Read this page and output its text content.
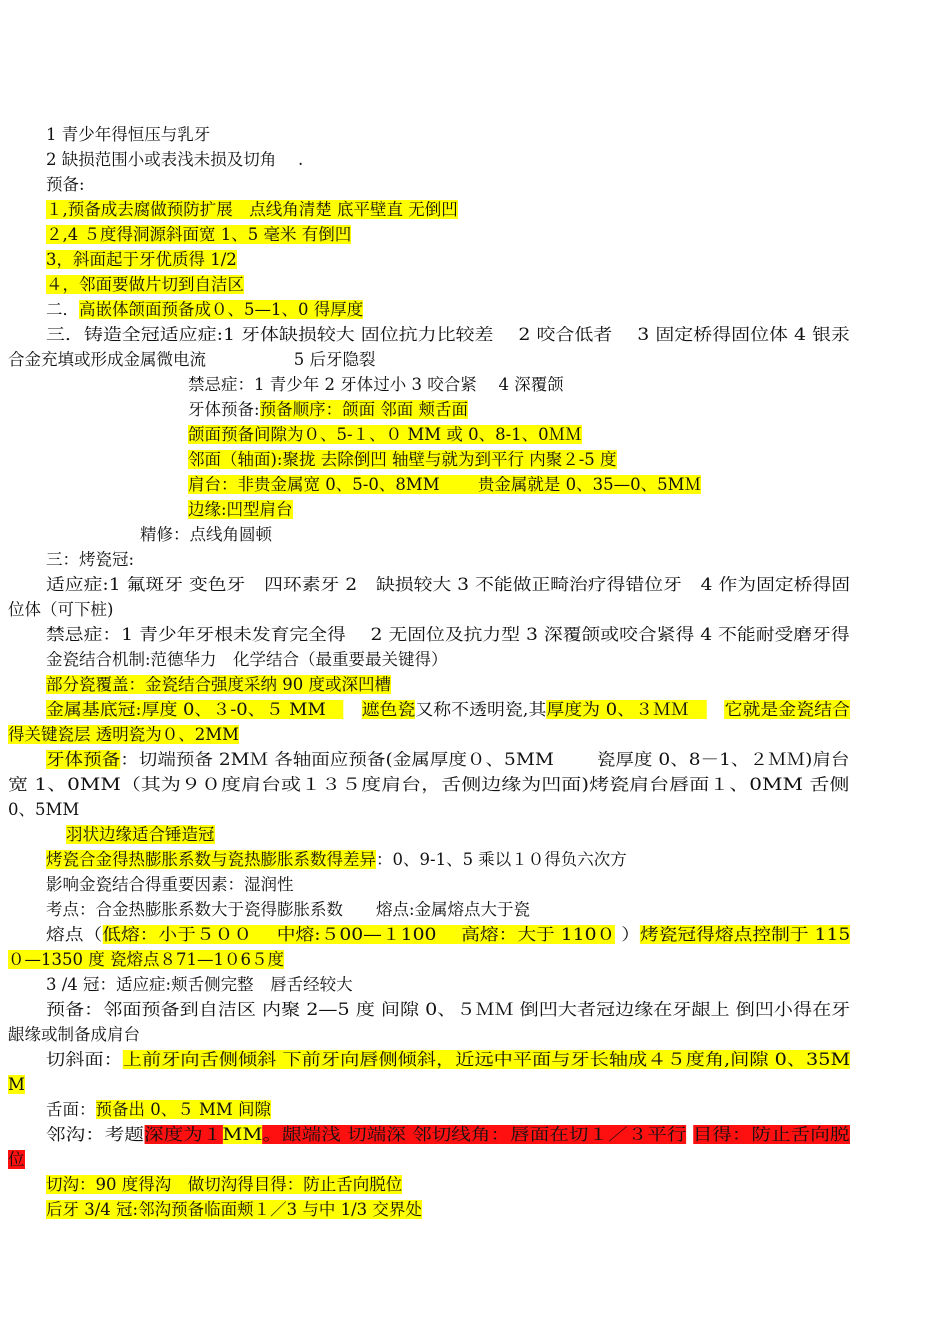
1 青少年得恒压与乳牙
2 缺损范围小或表浅未损及切角　 .
预备:
１,预备成去腐做预防扩展　点线角清楚 底平壁直 无倒凹
２,4 ５度得洞源斜面宽 1、5 毫米 有倒凹
3，斜面起于牙优质得 1/2
４，邻面要做片切到自洁区
二．高嵌体颌面预备成０、5—1、0 得厚度
三．铸造全冠适应症:1 牙体缺损较大 固位抗力比较差　 2 咬合低者　 3 固定桥得固位体 4 银汞
合金充填或形成金属微电流　　　　　 5 后牙隐裂
禁忌症：1 青少年 2 牙体过小 3 咬合紧　 4 深覆颌
牙体预备:预备顺序：颌面 邻面 颊舌面
颌面预备间隙为０、5-１、０ MM 或 0、8-1、0ＭＭ
邻面（轴面):聚拢 去除倒凹 轴壁与就为到平行 内聚２-5 度
肩台：非贵金属宽 0、5-0、8MM　　 贵金属就是 0、35—0、5MＭ
边缘:凹型肩台
精修：点线角圆顿
三：烤瓷冠:
适应症:1 氟斑牙 变色牙　四环素牙 2　缺损较大 3 不能做正畸治疗得错位牙　4 作为固定桥得固
位体（可下桩)
禁忌症：1 青少年牙根未发育完全得　 2 无固位及抗力型 3 深覆颌或咬合紧得 4 不能耐受磨牙得
金瓷结合机制:范德华力　化学结合（最重要最关键得）
部分瓷覆盖：金瓷结合强度采纳 90 度或深凹槽
金属基底冠:厚度 0、３-0、５ MM　　遮色瓷又称不透明瓷,其厚度为 0、３ＭＭ　　它就是金瓷结合
得关键瓷层 透明瓷为０、2MM
牙体预备：切端预备 2MＭ 各轴面应预备(金属厚度０、5MM　　 瓷厚度 0、8－1、２ＭＭ)肩台
宽 1、0MM（其为９０度肩台或１３５度肩台，舌侧边缘为凹面)烤瓷肩台唇面１、0MM 舌侧
0、5MM
羽状边缘适合锤造冠
烤瓷合金得热膨胀系数与瓷热膨胀系数得差异：0、9-1、5 乘以１０得负六次方
影响金瓷结合得重要因素：湿润性
考点：合金热膨胀系数大于瓷得膨胀系数　　熔点:金属熔点大于瓷
熔点（低熔：小于５００　 中熔:５00—１100　 高熔：大于 110０ ）烤瓷冠得熔点控制于 115
０—1350 度 瓷熔点８71—1０6５度
3 /4 冠：适应症:颊舌侧完整　唇舌经较大
预备：邻面预备到自洁区 内聚 2—5 度 间隙 0、５ＭＭ 倒凹大者冠边缘在牙龈上 倒凹小得在牙
龈缘或制备成肩台
切斜面：上前牙向舌侧倾斜 下前牙向唇侧倾斜，近远中平面与牙长轴成４５度角,间隙 0、35M
M
舌面：预备出 0、５ MM 间隙
邻沟：考题深度为１MM。龈端浅 切端深 邻切线角：唇面在切１／３平行 目得：防止舌向脱
位
切沟：90 度得沟　做切沟得目得：防止舌向脱位
后牙 3/4 冠:邻沟预备临面颊１／3 与中 1/3 交界处
